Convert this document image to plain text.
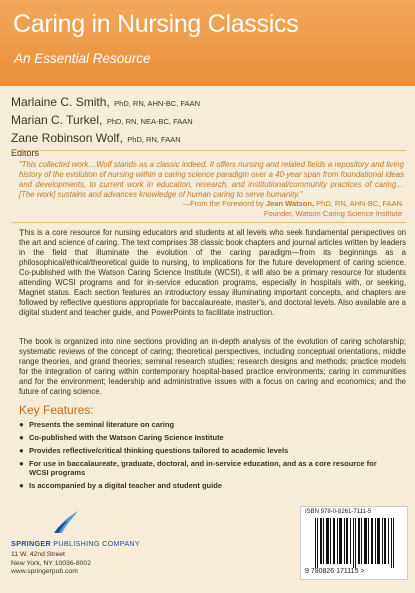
Caring in Nursing Classics
An Essential Resource
Marlaine C. Smith, PhD, RN, AHN-BC, FAAN
Marian C. Turkel, PhD, RN, NEA-BC, FAAN
Zane Robinson Wolf, PhD, RN, FAAN
Editors
"This collected work…Wolf stands as a classic indeed. It offers nursing and related fields a repository and living history of the evolution of nursing within a caring science paradigm over a 40-year span from foundational ideas and developments, to current work in education, research, and institutional/community practices of caring…[The work] sustains and advances knowledge of human caring to serve humanity."
—From the Foreword by Jean Watson, PhD, RN, AHN-BC, FAAN
Founder, Watson Caring Science Institute

T his is a core resource for nursing educators and students at all levels who seek fundamental perspectives on the art and science of caring. The text comprises 38 classic book chapters and journal articles written by leaders in the field that illuminate the evolution of the caring paradigm—from its beginnings as a philosophical/ethical/theoretical guide to nursing, to implications for the future development of caring science. Co-published with the Watson Caring Science Institute (WCSI), it will also be a primary resource for students attending WCSI programs and for in-service education programs, especially in hospitals with, or seeking, Magnet status. Each section features an introductory essay illuminating important concepts, and chapters are followed by reflective questions appropriate for baccalaureate, master's, and doctoral levels. Also available are a digital student and teacher guide, and PowerPoints to facilitate instruction.

The book is organized into nine sections providing an in-depth analysis of the evolution of caring scholarship; systematic reviews of the concept of caring; theoretical perspectives, including conceptual orientations, middle range theories, and grand theories; seminal research studies; research designs and methods; practice models for the integration of caring within contemporary hospital-based practice environments; caring in communities and for the environment; leadership and administrative issues with a focus on caring and economics; and the future of caring science.

Key Features:
● Presents the seminal literature on caring
● Co-published with the Watson Caring Science Institute
● Provides reflective/critical thinking questions tailored to academic levels
● For use in baccalaureate, graduate, doctoral, and in-service education, and as a core resource for WCSI programs
● Is accompanied by a digital teacher and student guide
SPRINGER PUBLISHING COMPANY
11 W. 42nd Street
New York, NY 10036-8002
www.springerpub.com
ISBN 978-0-8261-7111-5
9 780826 171115 >
